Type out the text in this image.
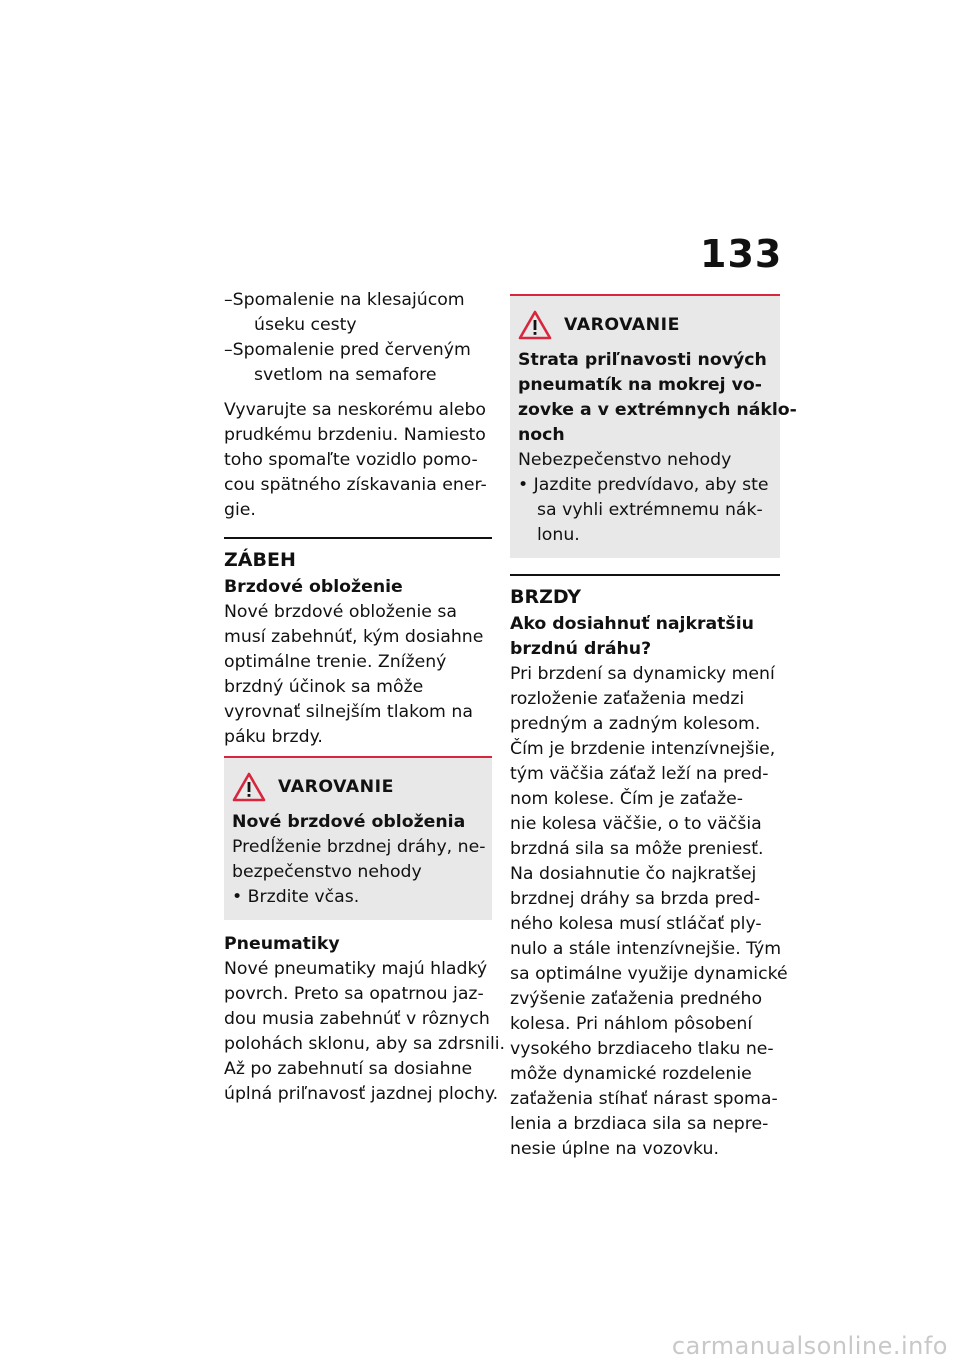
133

–Spomalenie na klesajúcom

úseku cesty

–Spomalenie pred červeným

svetlom na semafore

Vyvarujte sa neskorému alebo

prudkému brzdeniu. Namiesto

toho spomaľte vozidlo pomo-

cou spätného získavania ener-

gie.

ZÁBEH

Brzdové obloženie

Nové brzdové obloženie sa

musí zabehnúť, kým dosiahne

optimálne trenie. Znížený

brzdný účinok sa môže

vyrovnať silnejším tlakom na

páku brzdy.

VAROVANIE

Nové brzdové obloženia

Predĺženie brzdnej dráhy, ne-

bezpečenstvo nehody

• Brzdite včas.

Pneumatiky

Nové pneumatiky majú hladký

povrch. Preto sa opatrnou jaz-

dou musia zabehnúť v rôznych

polohách sklonu, aby sa zdrsnili.

Až po zabehnutí sa dosiahne

úplná priľnavosť jazdnej plochy.

VAROVANIE

Strata priľnavosti nových

pneumatík na mokrej vo-

zovke a v extrémnych náklo-

noch

Nebezpečenstvo nehody

• Jazdite predvídavo, aby ste

sa vyhli extrémnemu nák-

lonu.

BRZDY

Ako dosiahnuť najkratšiu

brzdnú dráhu?

Pri brzdení sa dynamicky mení

rozloženie zaťaženia medzi

predným a zadným kolesom.

Čím je brzdenie intenzívnejšie,

tým väčšia záťaž leží na pred-

nom kolese. Čím je zaťaže-

nie kolesa väčšie, o to väčšia

brzdná sila sa môže preniesť.

Na dosiahnutie čo najkratšej

brzdnej dráhy sa brzda pred-

ného kolesa musí stláčať ply-

nulo a stále intenzívnejšie. Tým

sa optimálne využije dynamické

zvýšenie zaťaženia predného

kolesa. Pri náhlom pôsobení

vysokého brzdiaceho tlaku ne-

môže dynamické rozdelenie

zaťaženia stíhať nárast spoma-

lenia a brzdiaca sila sa nepre-

nesie úplne na vozovku.

carmanualsonline.info
